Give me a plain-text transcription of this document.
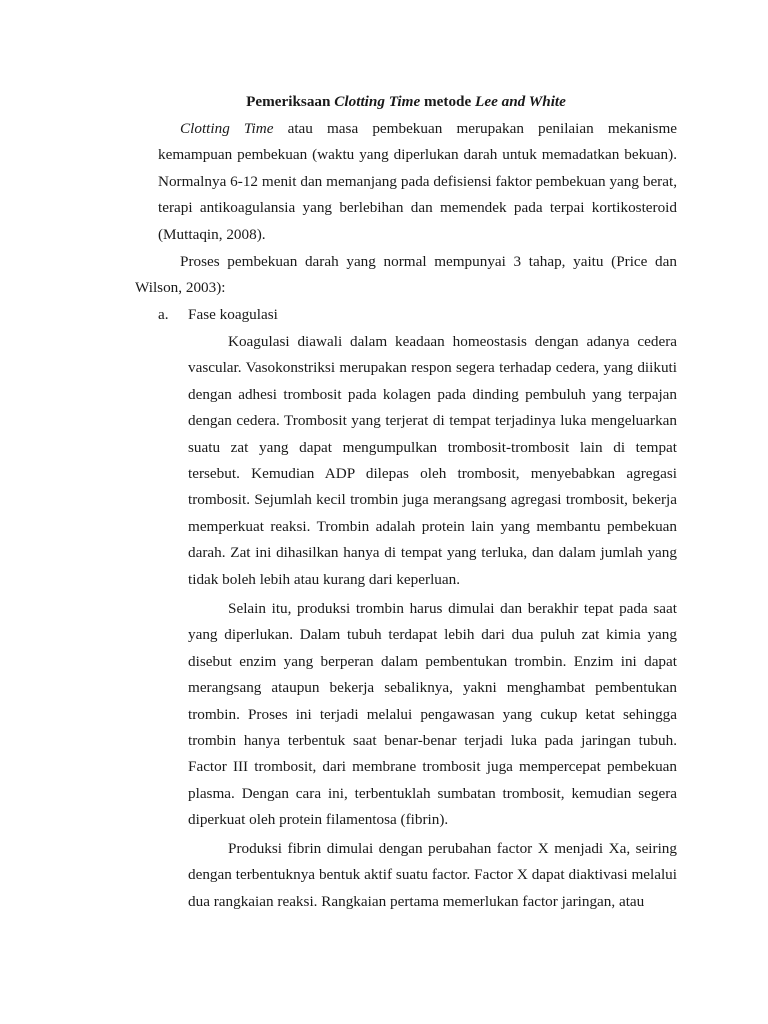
Pemeriksaan Clotting Time metode Lee and White

Clotting Time atau masa pembekuan merupakan penilaian mekanisme kemampuan pembekuan (waktu yang diperlukan darah untuk memadatkan bekuan). Normalnya 6-12 menit dan memanjang pada defisiensi faktor pembekuan yang berat, terapi antikoagulansia yang berlebihan dan memendek pada terpai kortikosteroid (Muttaqin, 2008).

Proses pembekuan darah yang normal mempunyai 3 tahap, yaitu (Price dan Wilson, 2003):

a. Fase koagulasi

Koagulasi diawali dalam keadaan homeostasis dengan adanya cedera vascular. Vasokonstriksi merupakan respon segera terhadap cedera, yang diikuti dengan adhesi trombosit pada kolagen pada dinding pembuluh yang terpajan dengan cedera. Trombosit yang terjerat di tempat terjadinya luka mengeluarkan suatu zat yang dapat mengumpulkan trombosit-trombosit lain di tempat tersebut. Kemudian ADP dilepas oleh trombosit, menyebabkan agregasi trombosit. Sejumlah kecil trombin juga merangsang agregasi trombosit, bekerja memperkuat reaksi. Trombin adalah protein lain yang membantu pembekuan darah. Zat ini dihasilkan hanya di tempat yang terluka, dan dalam jumlah yang tidak boleh lebih atau kurang dari keperluan.

Selain itu, produksi trombin harus dimulai dan berakhir tepat pada saat yang diperlukan. Dalam tubuh terdapat lebih dari dua puluh zat kimia yang disebut enzim yang berperan dalam pembentukan trombin. Enzim ini dapat merangsang ataupun bekerja sebaliknya, yakni menghambat pembentukan trombin. Proses ini terjadi melalui pengawasan yang cukup ketat sehingga trombin hanya terbentuk saat benar-benar terjadi luka pada jaringan tubuh. Factor III trombosit, dari membrane trombosit juga mempercepat pembekuan plasma. Dengan cara ini, terbentuklah sumbatan trombosit, kemudian segera diperkuat oleh protein filamentosa (fibrin).

Produksi fibrin dimulai dengan perubahan factor X menjadi Xa, seiring dengan terbentuknya bentuk aktif suatu factor. Factor X dapat diaktivasi melalui dua rangkaian reaksi. Rangkaian pertama memerlukan factor jaringan, atau
